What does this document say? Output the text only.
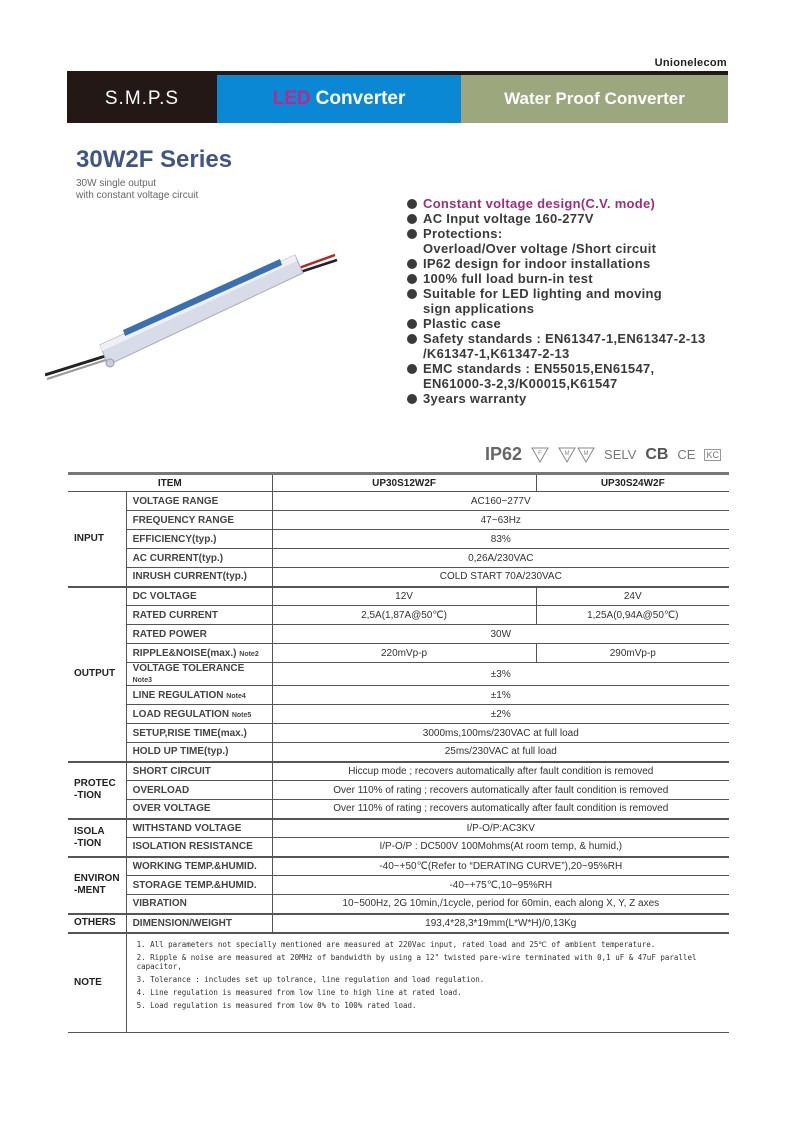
Unionelecom
S.M.P.S	LED Converter	Water Proof Converter
30W2F Series
30W single output
with constant voltage circuit
Constant voltage design(C.V. mode)
AC Input voltage 160-277V
Protections:
Overload/Over voltage /Short circuit
IP62 design for indoor installations
100% full load burn-in test
Suitable for LED lighting and moving
sign applications
Plastic case
Safety standards : EN61347-1,EN61347-2-13
/K61347-1,K61347-2-13
EMC standards : EN55015,EN61547,
EN61000-3-2,3/K00015,K61547
3years warranty
IP62	F	M M SELV CB CE KC
ITEM		UP30S12W2F	UP30S24W2F
INPUT	VOLTAGE RANGE	AC160~277V	
	FREQUENCY RANGE	47~63Hz	
	EFFICIENCY(typ.)	83%	
	AC CURRENT(typ.)	0,26A/230VAC	
	INRUSH CURRENT(typ.)	COLD START 70A/230VAC	
OUTPUT	DC VOLTAGE	12V	24V
	RATED CURRENT	2,5A(1,87A@50℃)	1,25A(0,94A@50℃)
	RATED POWER	30W	
	RIPPLE&NOISE(max.) Note2	220mVp-p	290mVp-p
	VOLTAGE TOLERANCE Note3	±3%	
	LINE REGULATION Note4	±1%	
	LOAD REGULATION Note5	±2%	
	SETUP,RISE TIME(max.)	3000ms,100ms/230VAC at full load	
	HOLD UP TIME(typ.)	25ms/230VAC at full load	
PROTEC
-TION	SHORT CIRCUIT	Hiccup mode ; recovers automatically after fault condition is removed	
	OVERLOAD	Over 110% of rating ; recovers automatically after fault condition is removed	
	OVER VOLTAGE	Over 110% of rating ; recovers automatically after fault condition is removed	
ISOLA
-TION	WITHSTAND VOLTAGE	I/P-O/P:AC3KV	
	ISOLATION RESISTANCE	I/P-O/P : DC500V 100Mohms(At room temp, & humid,)	
ENVIRON
-MENT	WORKING TEMP.&HUMID.	-40~+50℃(Refer to “DERATING CURVE”),20~95%RH	
	STORAGE TEMP.&HUMID.	-40~+75℃,10~95%RH	
	VIBRATION	10~500Hz, 2G 10min,/1cycle, period for 60min, each along X, Y, Z axes	
OTHERS	DIMENSION/WEIGHT	193,4*28,3*19mm(L*W*H)/0,13Kg	
NOTE	1. All parameters not specially mentioned are measured at 220Vac input, rated load and 25℃ of ambient temperature.
2. Ripple & noise are measured at 20MHz of bandwidth by using a 12" twisted pare-wire terminated with 0,1 uF & 47uF parallel capacitor,
3. Tolerance : includes set up tolrance, line regulation and load regulation.
4. Line regulation is measured from low line to high line at rated load.
5. Load regulation is measured from low 0% to 100% rated load.		
